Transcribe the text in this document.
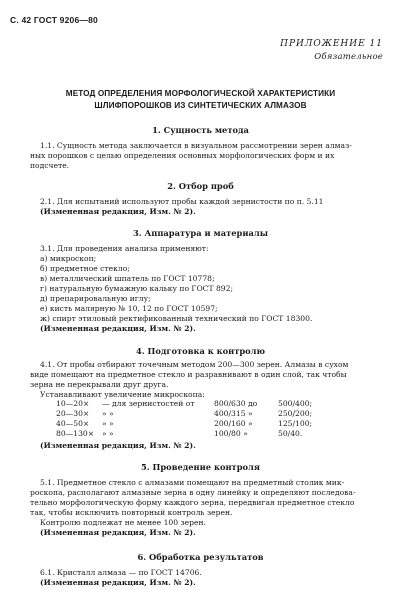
С. 42 ГОСТ 9206—80
ПРИЛОЖЕНИЕ 11
Обязательное
МЕТОД ОПРЕДЕЛЕНИЯ МОРФОЛОГИЧЕСКОЙ ХАРАКТЕРИСТИКИ
ШЛИФПОРОШКОВ ИЗ СИНТЕТИЧЕСКИХ АЛМАЗОВ
1. Сущность метода
1.1. Сущность метода заключается в визуальном рассмотрении зерен алмаз-
ных порошков с целью определения основных морфологических форм и их
подсчете.
2. Отбор проб
2.1. Для испытаний используют пробы каждой зернистости по п. 5.11
(Измененная редакция, Изм. № 2).
3. Аппаратура и материалы
3.1. Для проведения анализа применяют:
а) микроскоп;
б) предметное стекло;
в) металлический шпатель по ГОСТ 10778;
г) натуральную бумажную кальку по ГОСТ 892;
д) препарировальную иглу;
е) кисть малярную № 10, 12 по ГОСТ 10597;
ж) спирт этиловый ректификованный технический по ГОСТ 18300.
(Измененная редакция, Изм. № 2).
4. Подготовка к контролю
4.1. От пробы отбирают точечным методом 200—300 зерен. Алмазы в сухом
виде помещают на предметное стекло и разравнивают в один слой, так чтобы
зерна не перекрывали друг друга.
Устанавливают увеличение микроскопа:
10—20×	— для зернистостей от	800/630 до	500/400;
20—30×	» »	400/315 »	250/200;
40—50×	» »	200/160 »	125/100;
80—130×	» »	100/80 »	50/40.
(Измененная редакция, Изм. № 2).
5. Проведение контроля
5.1. Предметное стекло с алмазами помещают на предметный столик мик-
роскопа, располагают алмазные зерна в одну линейку и определяют последова-
тельно морфологическую форму каждого зерна, передвигая предметное стекло
так, чтобы исключить повторный контроль зерен.
Контролю подлежат не менее 100 зерен.
(Измененная редакция, Изм. № 2).
6. Обработка результатов
6.1. Кристалл алмаза — по ГОСТ 14706.
(Измененная редакция, Изм. № 2).
